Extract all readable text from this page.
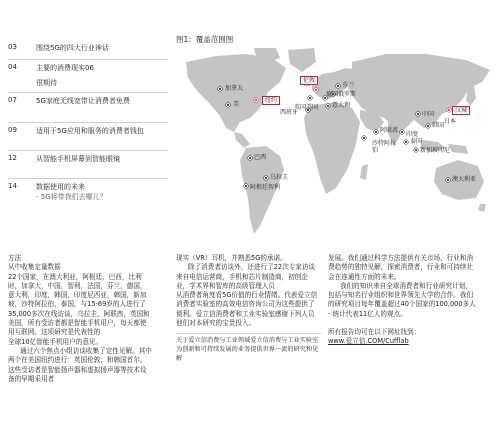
03	围绕5G的四大行业神话
04	主要的消费现实06
很期待
07	5G家庭无线宽带让消费者免费
09	适用于5G应用和服务的消费者钱包
12	从智能手机屏幕到智能眼镜
14	数据使用的未来
- 5G将带我们去哪儿？
图1：覆盖范围图
加拿大
美
纽约
伦敦
英国美国
西班牙
芬兰
德国
意大利
俄罗斯
中国
韩国
日本
汉城
阿联酋
沙特阿拉伯
印度
泰国
新加坡印尼
巴西
乌拉圭
阿根廷智利
澳大利亚

方法

从中收集定量数据

22个国家，在澳大利亚，阿根廷，巴西，比利时，加拿大，中国，智利，法国，芬兰，德国，意大利，印度，韩国，印度尼西亚，韩国，新加坡，沙特阿拉伯，泰国，与15-69岁的人进行了35,000多次在线访谈，乌拉圭，阿联酋，英国和美国，所有受访者都是智能手机用户，每天都使用互联网。这项研究是代表性的

全球10亿智能手机用户的意见。

通过六个焦点小组访谈收集了定性见解。其中两个在美国纽约进行：英国伦敦；和韩国首尔。这些受访者是智能扬声器和虚拟扬声器等技术设备的早期采用者

现实（VR）耳机，并熟悉5G的承诺。

除了消费者访谈外，还进行了22次专家访谈

来自电信运营商，手机和芯片制造商，初创企业，学术界和智库的高级管理人员

从消费者角度看5G价值的行业情绪。代表爱立信消费者实验室的高效电信咨询公司为这些提供了便利。爱立信消费者和工业实验室感谢下列人员

他们对本研究的宝贵投入。

关于爱立信消费与工业领域爱立信消费与工业实验室为创新和可持续发展的业务提供世界一流的研究和见解

发展。我们通过科学方法提供有关市场，行业和消费趋势的独特见解，探索消费者，行业和可持续社会在连通性方面的未来。

我们的知识来自全球消费者和行业研究计划，包括与知名行业组织和世界领先大学的合作。我们的研究项目每年覆盖超过40个国家的100,000多人

- 统计代表11亿人的观点。

所有报告均可在以下网址找到：

www.爱立信.COM/Cufflab
